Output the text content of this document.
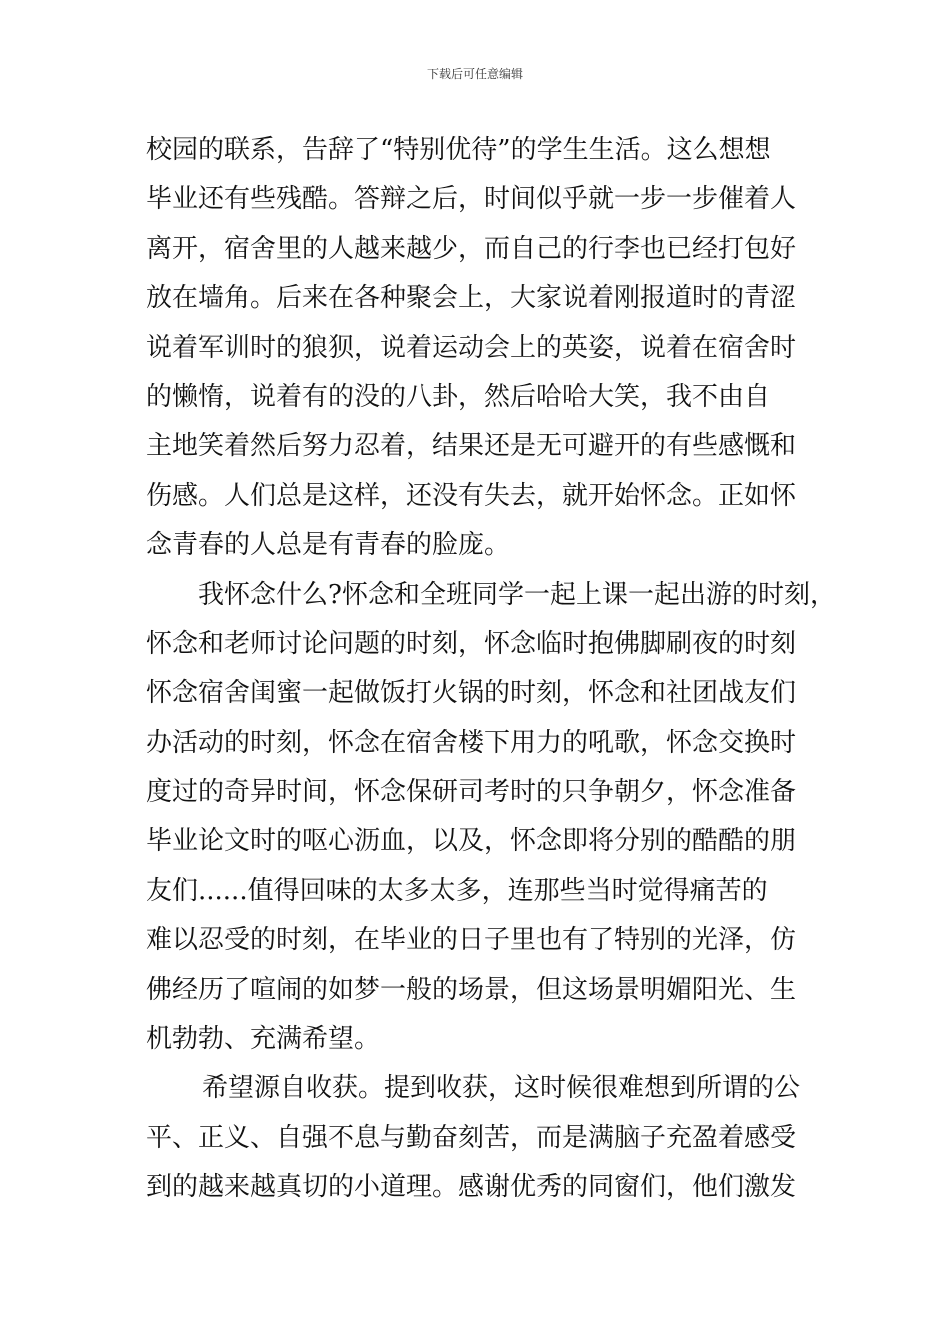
下载后可任意编辑
校园的联系，告辞了“特别优待”的学生生活。这么想想
毕业还有些残酷。答辩之后，时间似乎就一步一步催着人
离开，宿舍里的人越来越少，而自己的行李也已经打包好
放在墙角。后来在各种聚会上，大家说着刚报道时的青涩
说着军训时的狼狈，说着运动会上的英姿，说着在宿舍时
的懒惰，说着有的没的八卦，然后哈哈大笑，我不由自
主地笑着然后努力忍着，结果还是无可避开的有些感慨和
伤感。人们总是这样，还没有失去，就开始怀念。正如怀
念青春的人总是有青春的脸庞。
我怀念什么?怀念和全班同学一起上课一起出游的时刻，
怀念和老师讨论问题的时刻，怀念临时抱佛脚刷夜的时刻
怀念宿舍闺蜜一起做饭打火锅的时刻，怀念和社团战友们
办活动的时刻，怀念在宿舍楼下用力的吼歌，怀念交换时
度过的奇异时间，怀念保研司考时的只争朝夕，怀念准备
毕业论文时的呕心沥血，以及，怀念即将分别的酷酷的朋
友们......值得回味的太多太多，连那些当时觉得痛苦的
难以忍受的时刻，在毕业的日子里也有了特别的光泽，仿
佛经历了喧闹的如梦一般的场景，但这场景明媚阳光、生
机勃勃、充满希望。
希望源自收获。提到收获，这时候很难想到所谓的公
平、正义、自强不息与勤奋刻苦，而是满脑子充盈着感受
到的越来越真切的小道理。感谢优秀的同窗们，他们激发
